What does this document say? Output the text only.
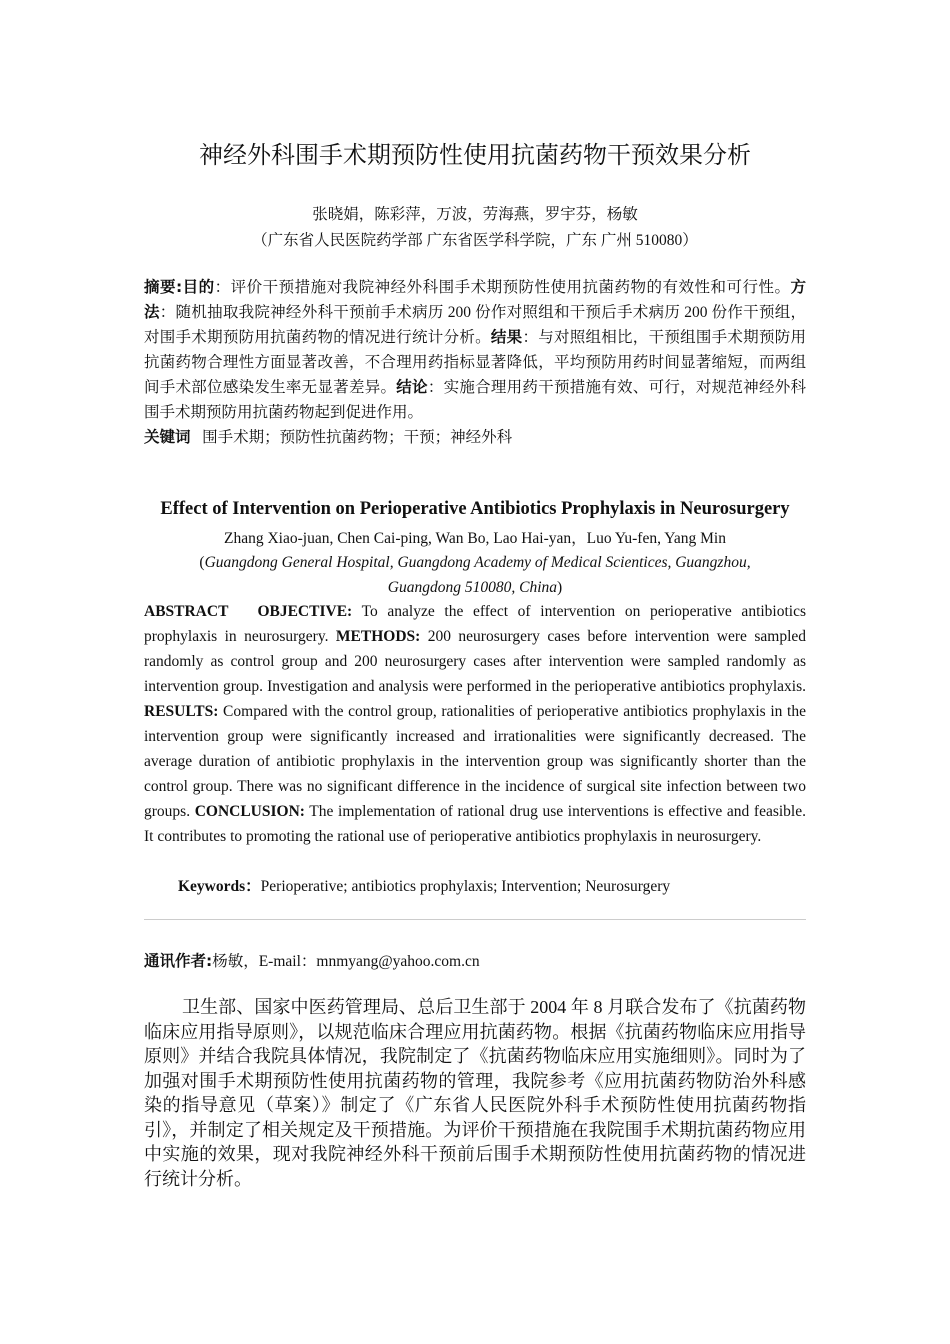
神经外科围手术期预防性使用抗菌药物干预效果分析
张晓娟，陈彩萍，万波，劳海燕，罗宇芬，杨敏
（广东省人民医院药学部 广东省医学科学院，广东 广州 510080）
摘要:目的：评价干预措施对我院神经外科围手术期预防性使用抗菌药物的有效性和可行性。方法：随机抽取我院神经外科干预前手术病历 200 份作对照组和干预后手术病历 200 份作干预组，对围手术期预防用抗菌药物的情况进行统计分析。结果：与对照组相比，干预组围手术期预防用抗菌药物合理性方面显著改善，不合理用药指标显著降低，平均预防用药时间显著缩短，而两组间手术部位感染发生率无显著差异。结论：实施合理用药干预措施有效、可行，对规范神经外科围手术期预防用抗菌药物起到促进作用。
关键词 围手术期；预防性抗菌药物；干预；神经外科
Effect of Intervention on Perioperative Antibiotics Prophylaxis in Neurosurgery
Zhang Xiao-juan, Chen Cai-ping, Wan Bo, Lao Hai-yan，Luo Yu-fen, Yang Min
(Guangdong General Hospital, Guangdong Academy of Medical Scientices, Guangzhou, Guangdong 510080, China)
ABSTRACT OBJECTIVE: To analyze the effect of intervention on perioperative antibiotics prophylaxis in neurosurgery. METHODS: 200 neurosurgery cases before intervention were sampled randomly as control group and 200 neurosurgery cases after intervention were sampled randomly as intervention group. Investigation and analysis were performed in the perioperative antibiotics prophylaxis. RESULTS: Compared with the control group, rationalities of perioperative antibiotics prophylaxis in the intervention group were significantly increased and irrationalities were significantly decreased. The average duration of antibiotic prophylaxis in the intervention group was significantly shorter than the control group. There was no significant difference in the incidence of surgical site infection between two groups. CONCLUSION: The implementation of rational drug use interventions is effective and feasible. It contributes to promoting the rational use of perioperative antibiotics prophylaxis in neurosurgery.
Keywords：Perioperative; antibiotics prophylaxis; Intervention; Neurosurgery
通讯作者:杨敏，E-mail：mnmyang@yahoo.com.cn
卫生部、国家中医药管理局、总后卫生部于 2004 年 8 月联合发布了《抗菌药物临床应用指导原则》，以规范临床合理应用抗菌药物。根据《抗菌药物临床应用指导原则》并结合我院具体情况，我院制定了《抗菌药物临床应用实施细则》。同时为了加强对围手术期预防性使用抗菌药物的管理，我院参考《应用抗菌药物防治外科感染的指导意见（草案）》制定了《广东省人民医院外科手术预防性使用抗菌药物指引》，并制定了相关规定及干预措施。为评价干预措施在我院围手术期抗菌药物应用中实施的效果，现对我院神经外科干预前后围手术期预防性使用抗菌药物的情况进行统计分析。
